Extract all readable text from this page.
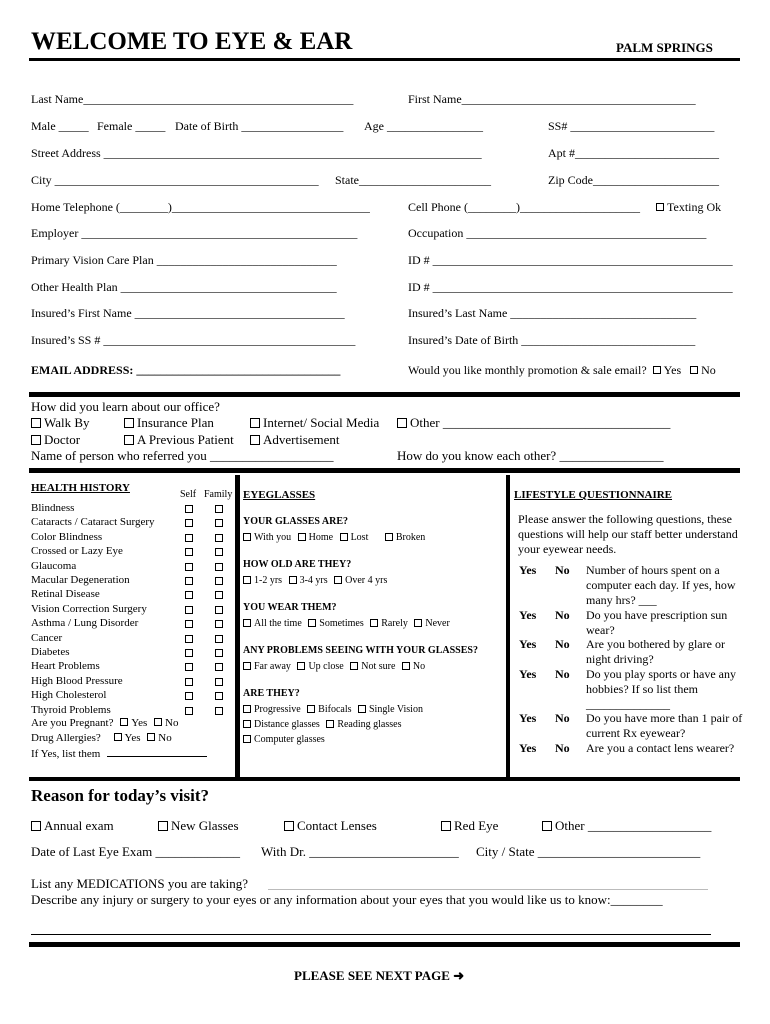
WELCOME TO EYE & EAR	PALM SPRINGS
Last Name_____________________________________________	First Name_______________________________________
Male _____ Female _____ Date of Birth _________________ Age ________________	SS# ________________________
Street Address _______________________________________________________________	Apt #________________________
City ____________________________________________ State______________________	Zip Code_____________________
Home Telephone (________)_________________________________	Cell Phone (________)____________________	Texting Ok
Employer ______________________________________________	Occupation ________________________________________
Primary Vision Care Plan ______________________________	ID # __________________________________________________
Other Health Plan ____________________________________	ID # __________________________________________________
Insured’s First Name ___________________________________	Insured’s Last Name _______________________________
Insured’s SS # __________________________________________	Insured’s Date of Birth _____________________________
EMAIL ADDRESS: __________________________________	Would you like monthly promotion & sale email? Yes No
How did you learn about our office?
Walk By	Insurance Plan	Internet/ Social Media	Other ___________________________________
Doctor	A Previous Patient	Advertisement
Name of person who referred you ___________________	How do you know each other? ________________
HEALTH HISTORY
Self Family
Blindness
Cataracts / Cataract Surgery
Color Blindness
Crossed or Lazy Eye
Glaucoma
Macular Degeneration
Retinal Disease
Vision Correction Surgery
Asthma / Lung Disorder
Cancer
Diabetes
Heart Problems
High Blood Pressure
High Cholesterol
Thyroid Problems
Are you Pregnant? Yes No
Drug Allergies? Yes No
If Yes, list them
EYEGLASSES
YOUR GLASSES ARE?
With you Home Lost	Broken
HOW OLD ARE THEY?
1-2 yrs 3-4 yrs Over 4 yrs
YOU WEAR THEM?
All the time Sometimes Rarely Never
ANY PROBLEMS SEEING WITH YOUR GLASSES?
Far away Up close Not sure No
ARE THEY?
Progressive Bifocals Single Vision
Distance glasses Reading glasses
Computer glasses
LIFESTYLE QUESTIONNAIRE
Please answer the following questions, these questions will help our staff better understand your eyewear needs.
Yes No Number of hours spent on a computer each day. If yes, how many hrs? ___
Yes No Do you have prescription sun wear?
Yes No Are you bothered by glare or night driving?
Yes No Do you play sports or have any hobbies? If so list them ______________
Yes No Do you have more than 1 pair of current Rx eyewear?
Yes No Are you a contact lens wearer?
Reason for today’s visit?
Annual exam	New Glasses	Contact Lenses	Red Eye	Other ___________________
Date of Last Eye Exam _____________ With Dr. _______________________ City / State _________________________
List any MEDICATIONS you are taking?
Describe any injury or surgery to your eyes or any information about your eyes that you would like us to know:________
PLEASE SEE NEXT PAGE ➜
